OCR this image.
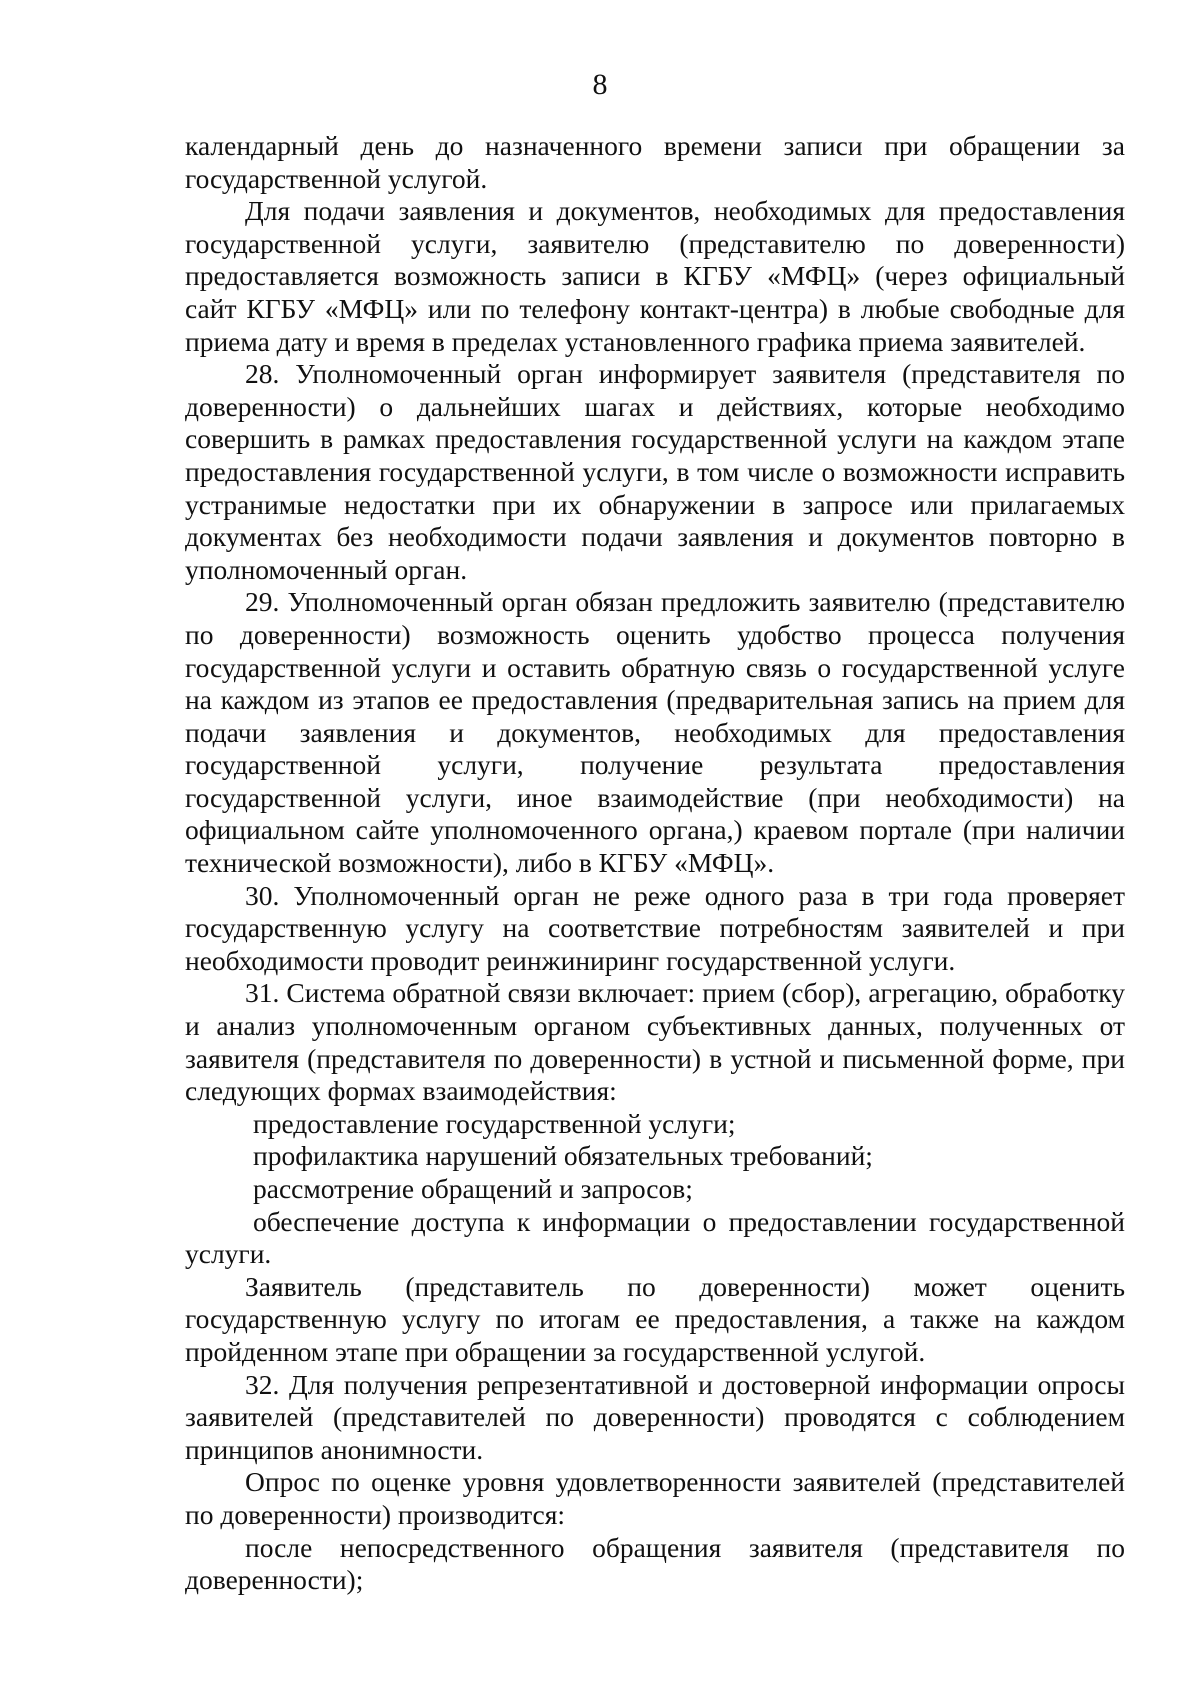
8

календарный день до назначенного времени записи при обращении за государственной услугой.

Для подачи заявления и документов, необходимых для предоставления государственной услуги, заявителю (представителю по доверенности) предоставляется возможность записи в КГБУ «МФЦ» (через официальный сайт КГБУ «МФЦ» или по телефону контакт-центра) в любые свободные для приема дату и время в пределах установленного графика приема заявителей.

28. Уполномоченный орган информирует заявителя (представителя по доверенности) о дальнейших шагах и действиях, которые необходимо совершить в рамках предоставления государственной услуги на каждом этапе предоставления государственной услуги, в том числе о возможности исправить устранимые недостатки при их обнаружении в запросе или прилагаемых документах без необходимости подачи заявления и документов повторно в уполномоченный орган.

29. Уполномоченный орган обязан предложить заявителю (представителю по доверенности) возможность оценить удобство процесса получения государственной услуги и оставить обратную связь о государственной услуге на каждом из этапов ее предоставления (предварительная запись на прием для подачи заявления и документов, необходимых для предоставления государственной услуги, получение результата предоставления государственной услуги, иное взаимодействие (при необходимости) на официальном сайте уполномоченного органа,) краевом портале (при наличии технической возможности), либо в КГБУ «МФЦ».

30. Уполномоченный орган не реже одного раза в три года проверяет государственную услугу на соответствие потребностям заявителей и при необходимости проводит реинжиниринг государственной услуги.

31. Система обратной связи включает: прием (сбор), агрегацию, обработку и анализ уполномоченным органом субъективных данных, полученных от заявителя (представителя по доверенности) в устной и письменной форме, при следующих формах взаимодействия:

предоставление государственной услуги;

профилактика нарушений обязательных требований;

рассмотрение обращений и запросов;

обеспечение доступа к информации о предоставлении государственной услуги.

Заявитель (представитель по доверенности) может оценить государственную услугу по итогам ее предоставления, а также на каждом пройденном этапе при обращении за государственной услугой.

32. Для получения репрезентативной и достоверной информации опросы заявителей (представителей по доверенности) проводятся с соблюдением принципов анонимности.

Опрос по оценке уровня удовлетворенности заявителей (представителей по доверенности) производится:

после непосредственного обращения заявителя (представителя по доверенности);
